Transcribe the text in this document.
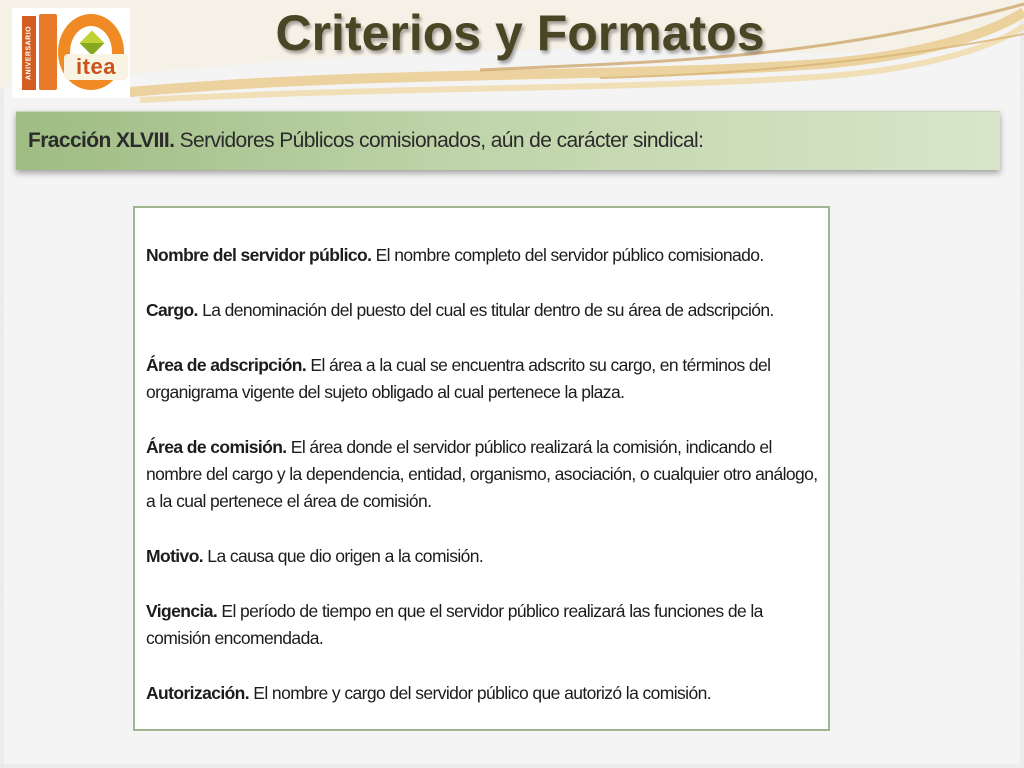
ANIVERSARIO	itea
Criterios y Formatos
Fracción XLVIII. Servidores Públicos comisionados, aún de carácter sindical:

Nombre del servidor público. El nombre completo del servidor público comisionado.

Cargo. La denominación del puesto del cual es titular dentro de su área de adscripción.

Área de adscripción. El área a la cual se encuentra adscrito su cargo, en términos del organigrama vigente del sujeto obligado al cual pertenece la plaza.

Área de comisión. El área donde el servidor público realizará la comisión, indicando el nombre del cargo y la dependencia, entidad, organismo, asociación, o cualquier otro análogo, a la cual pertenece el área de comisión.

Motivo. La causa que dio origen a la comisión.

Vigencia. El período de tiempo en que el servidor público realizará las funciones de la comisión encomendada.

Autorización. El nombre y cargo del servidor público que autorizó la comisión.
